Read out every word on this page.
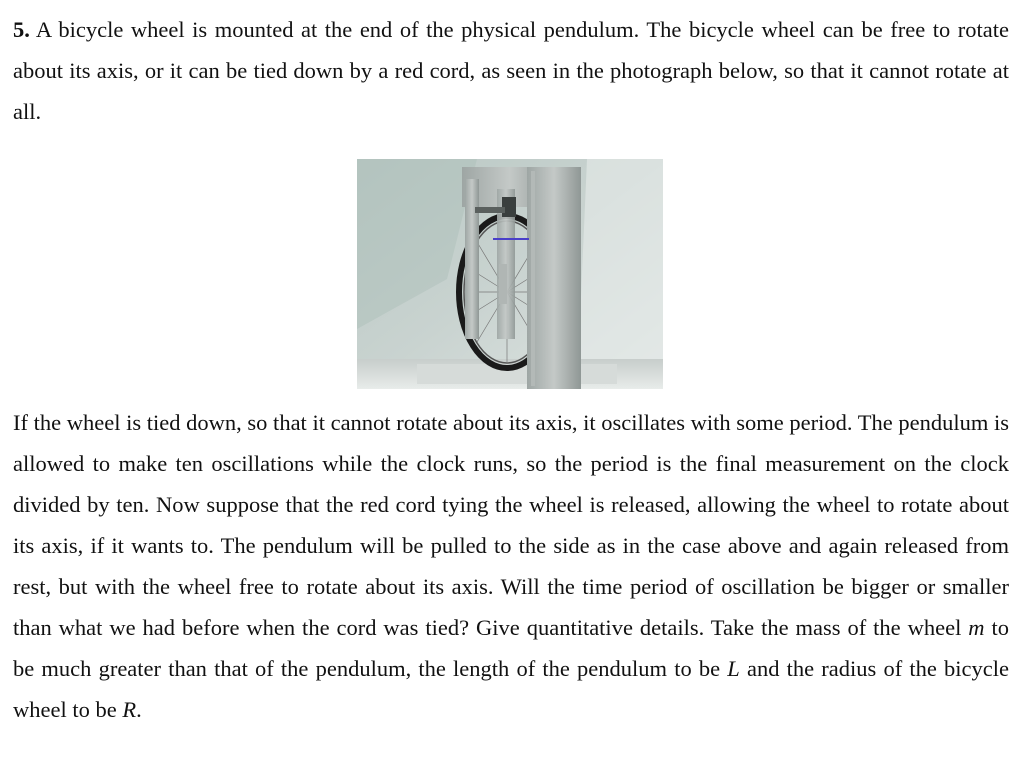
5. A bicycle wheel is mounted at the end of the physical pendulum. The bicycle wheel can be free to rotate about its axis, or it can be tied down by a red cord, as seen in the photograph below, so that it cannot rotate at all.

If the wheel is tied down, so that it cannot rotate about its axis, it oscillates with some period. The pendulum is allowed to make ten oscillations while the clock runs, so the period is the final measurement on the clock divided by ten. Now suppose that the red cord tying the wheel is released, allowing the wheel to rotate about its axis, if it wants to. The pendulum will be pulled to the side as in the case above and again released from rest, but with the wheel free to rotate about its axis. Will the time period of oscillation be bigger or smaller than what we had before when the cord was tied? Give quantitative details. Take the mass of the wheel m to be much greater than that of the pendulum, the length of the pendulum to be L and the radius of the bicycle wheel to be R.
